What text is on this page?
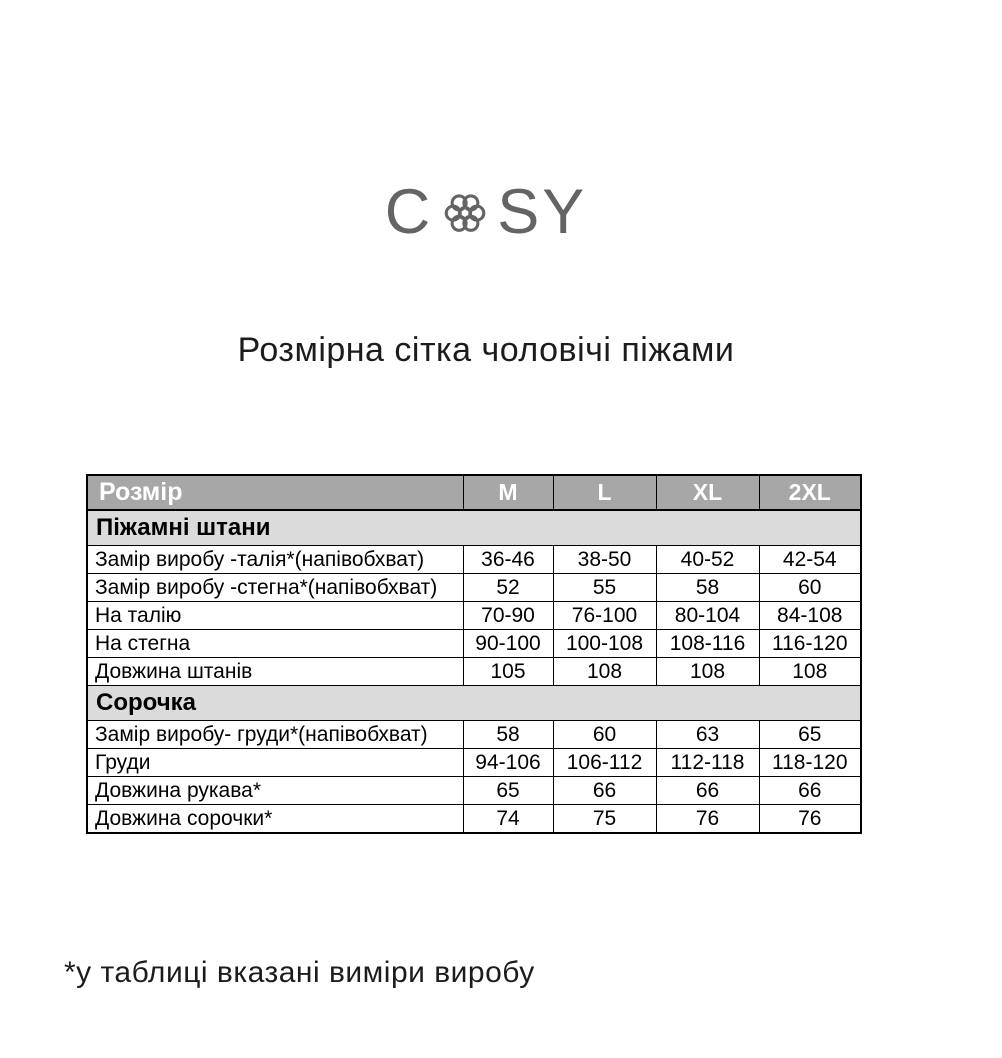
C SY
Розмірна сітка чоловічі піжами
Розмір	M	L	XL	2XL
Піжамні штани				
Замір виробу -талія*(напівобхват)	36-46	38-50	40-52	42-54
Замір виробу -стегна*(напівобхват)	52	55	58	60
На талію	70-90	76-100	80-104	84-108
На стегна	90-100	100-108	108-116	116-120
Довжина штанів	105	108	108	108
Сорочка				
Замір виробу- груди*(напівобхват)	58	60	63	65
Груди	94-106	106-112	112-118	118-120
Довжина рукава*	65	66	66	66
Довжина сорочки*	74	75	76	76
*у таблиці вказані виміри виробу
